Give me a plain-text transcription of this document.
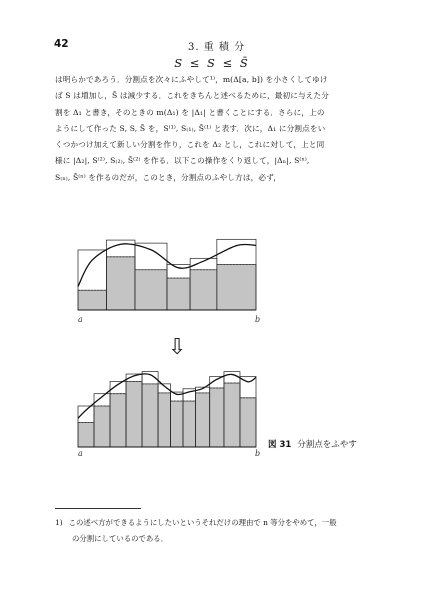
42	3. 重 積 分
S ≤ S ≤ S̄

は明らかであろう．分割点を次々にふやして¹⁾，m(Δ[a, b]) を小さくしてゆけ

ば S は増加し，S̄ は減少する．これをきちんと述べるために，最初に与えた分

割を Δ₁ と書き，そのときの m(Δ₁) を |Δ₁| と書くことにする．さらに，上の

ようにして作った S, S, S̄ を，S⁽¹⁾, S₍₁₎, S̄⁽¹⁾ と表す．次に，Δ₁ に分割点をい

くつかつけ加えて新しい分割を作り，これを Δ₂ とし，これに対して，上と同

様に |Δ₂|, S⁽²⁾, S₍₂₎, S̄⁽²⁾ を作る．以下この操作をくり返して，|Δₙ|, S⁽ⁿ⁾,

S₍ₙ₎, S̄⁽ⁿ⁾ を作るのだが，このとき，分割点のふやし方は，必ず，

a	b
a	b
⇩
図 31 分割点をふやす
1) この述べ方ができるようにしたいというそれだけの理由で n 等分をやめて，一般
の分割にしているのである．
